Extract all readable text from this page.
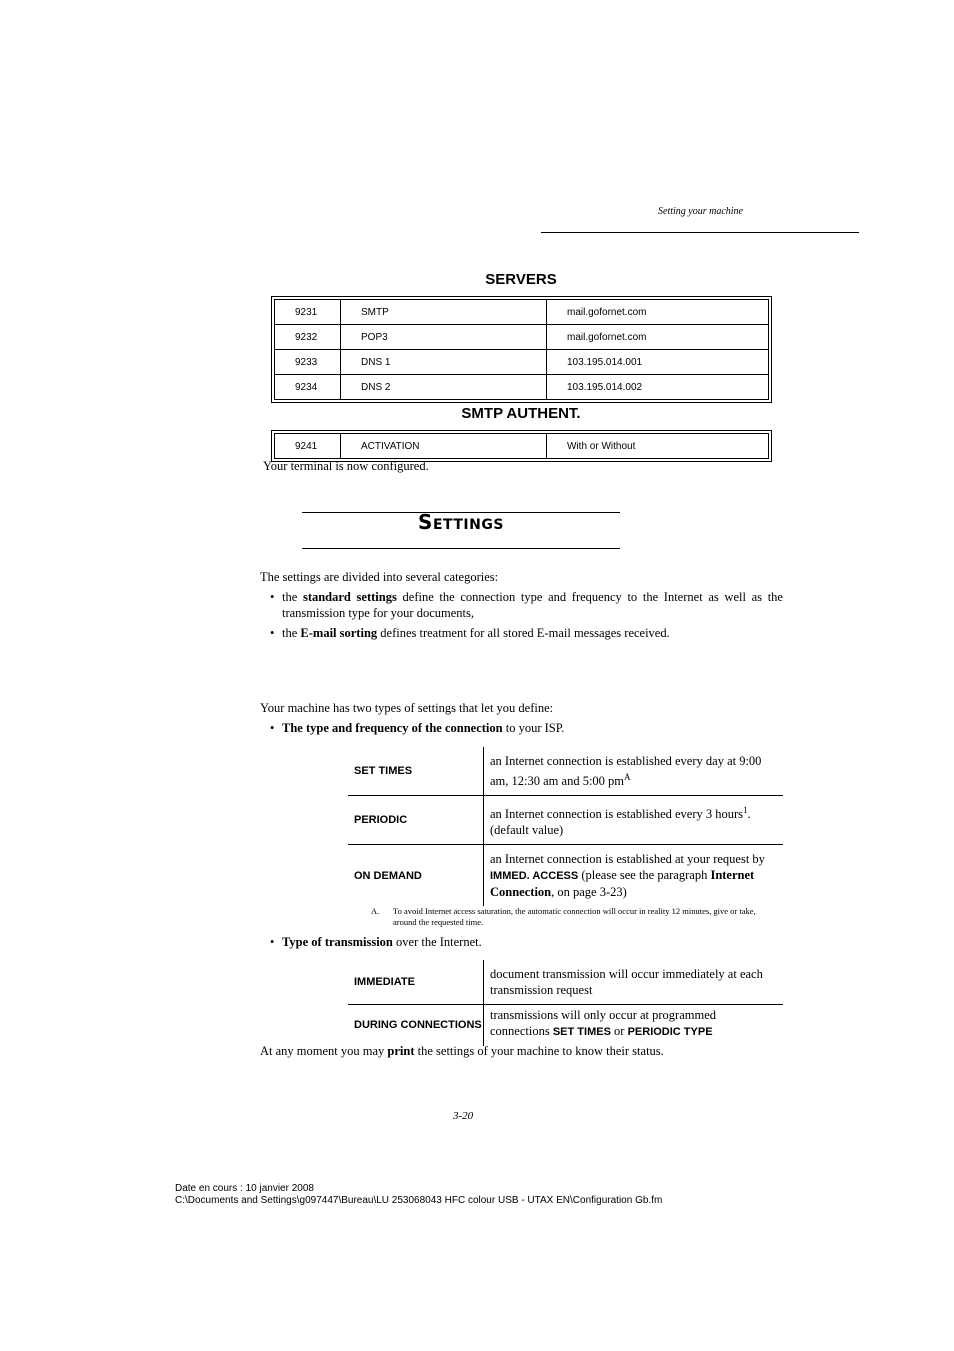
Setting your machine
SERVERS
9231	SMTP	mail.gofornet.com
9232	POP3	mail.gofornet.com
9233	DNS 1	103.195.014.001
9234	DNS 2	103.195.014.002
SMTP AUTHENT.
9241	ACTIVATION	With or Without
Your terminal is now configured.
Settings
The settings are divided into several categories:
• the standard settings define the connection type and frequency to the Internet as well as the transmission type for your documents,
• the E-mail sorting defines treatment for all stored E-mail messages received.
Your machine has two types of settings that let you define:
• The type and frequency of the connection to your ISP.
SET TIMES	an Internet connection is established every day at 9:00 am, 12:30 am and 5:00 $pm^A$
PERIODIC	an Internet connection is established every 3 hours$^1$. (default value)
ON DEMAND	an Internet connection is established at your request by IMMED. ACCESS (please see the paragraph Internet Connection, on page 3-23)
A. To avoid Internet access saturation, the automatic connection will occur in reality 12 minutes, give or take, around the requested time.
• Type of transmission over the Internet.
IMMEDIATE	document transmission will occur immediately at each transmission request
DURING CONNECTIONS	transmissions will only occur at programmed connections SET TIMES or PERIODIC TYPE
At any moment you may print the settings of your machine to know their status.
3-20
Date en cours : 10 janvier 2008
C:\Documents and Settings\g097447\Bureau\LU 253068043 HFC colour USB - UTAX EN\Configuration Gb.fm
